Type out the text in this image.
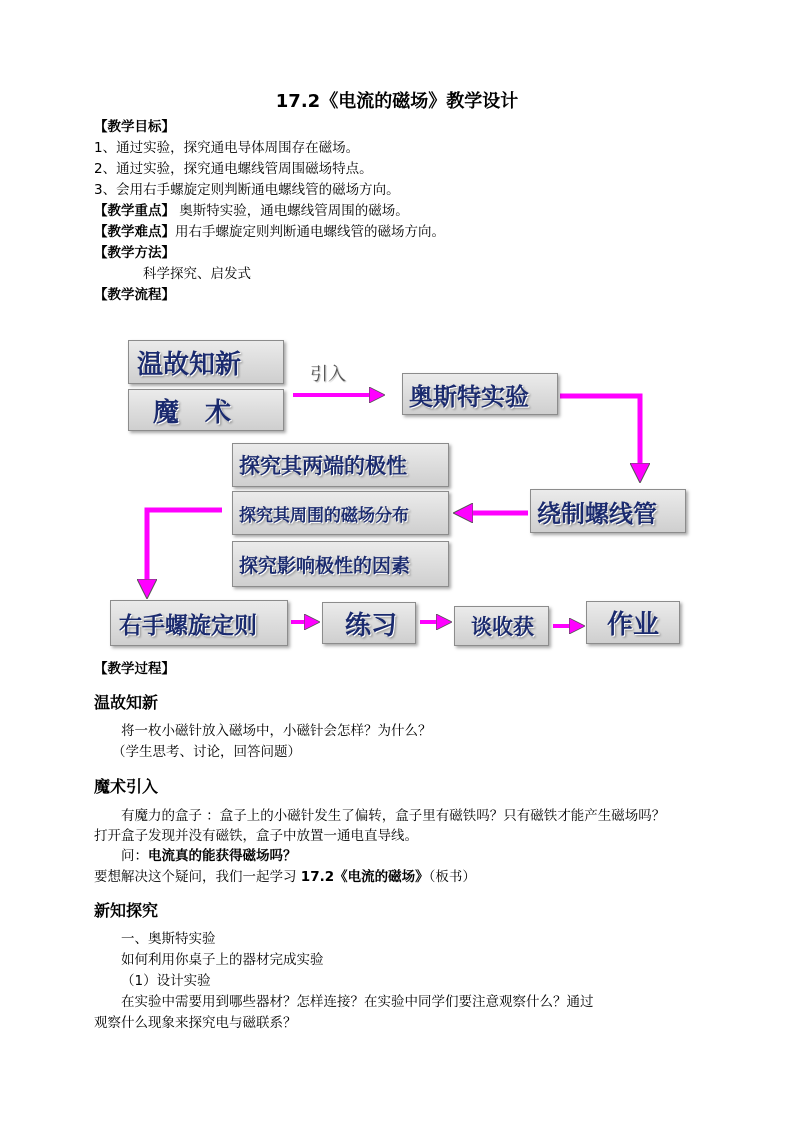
17.2《电流的磁场》教学设计
【教学目标】
1、通过实验，探究通电导体周围存在磁场。
2、通过实验，探究通电螺线管周围磁场特点。
3、会用右手螺旋定则判断通电螺线管的磁场方向。
【教学重点】 奥斯特实验，通电螺线管周围的磁场。
【教学难点】用右手螺旋定则判断通电螺线管的磁场方向。
【教学方法】
科学探究、启发式
【教学流程】
引入
温故知新
魔　术
奥斯特实验
绕制螺线管
探究其两端的极性
探究其周围的磁场分布
探究影响极性的因素
右手螺旋定则	练习	谈收获	作业
【教学过程】
温故知新
将一枚小磁针放入磁场中，小磁针会怎样？为什么？
（学生思考、讨论，回答问题）
魔术引入
有魔力的盒子 ：盒子上的小磁针发生了偏转，盒子里有磁铁吗？只有磁铁才能产生磁场吗？
打开盒子发现并没有磁铁，盒子中放置一通电直导线。
问：电流真的能获得磁场吗？
要想解决这个疑问，我们一起学习 17.2《电流的磁场》（板书）
新知探究
一、奥斯特实验
如何利用你桌子上的器材完成实验
（1）设计实验
在实验中需要用到哪些器材？怎样连接？在实验中同学们要注意观察什么？通过
观察什么现象来探究电与磁联系？
